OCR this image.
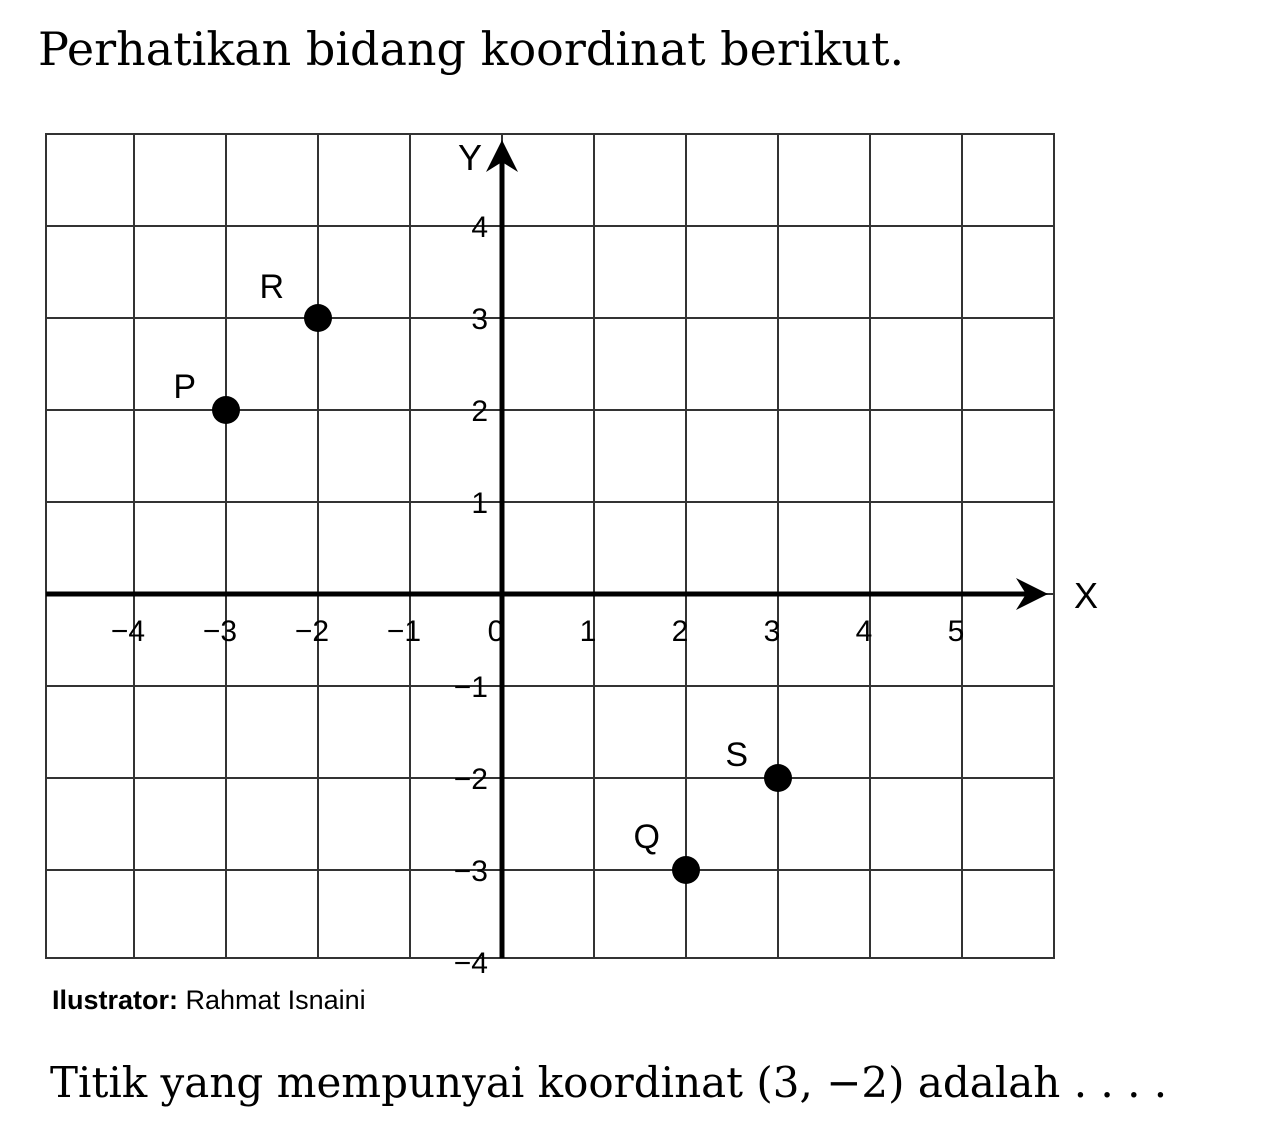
Perhatikan bidang koordinat berikut.
X
Y
−4 −3 −2 −1 0	1	2	3	4	5
4
3
2
1
−1
−2
−3
−4
P
R
S
Q
Ilustrator: Rahmat Isnaini
Titik yang mempunyai koordinat (3, −2) adalah . . . .
